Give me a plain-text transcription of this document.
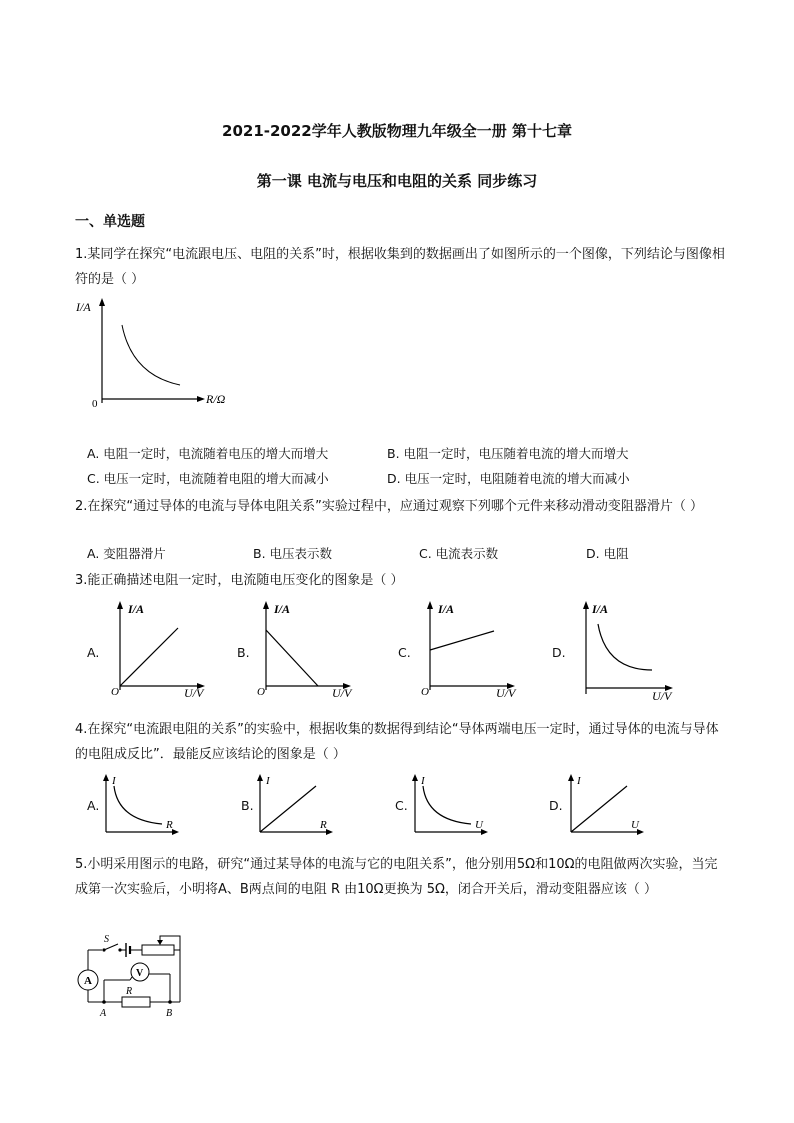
2021-2022学年人教版物理九年级全一册 第十七章
第一课 电流与电压和电阻的关系 同步练习
一、单选题
1.某同学在探究“电流跟电压、电阻的关系”时，根据收集到的数据画出了如图所示的一个图像，下列结论与图像相符的是（ ）
I/A
R/Ω
0
A. 电阻一定时，电流随着电压的增大而增大	B. 电阻一定时，电压随着电流的增大而增大
C. 电压一定时，电流随着电阻的增大而减小	D. 电压一定时，电阻随着电流的增大而减小
2.在探究“通过导体的电流与导体电阻关系”实验过程中，应通过观察下列哪个元件来移动滑动变阻器滑片（ ）
A. 变阻器滑片	B. 电压表示数	C. 电流表示数	D. 电阻
3.能正确描述电阻一定时，电流随电压变化的图象是（ ）
A.
I/A
U/V
O
B.
I/A
U/V
O
C.
I/A
U/V
O
D.
I/A
U/V
4.在探究“电流跟电阻的关系”的实验中，根据收集的数据得到结论“导体两端电压一定时，通过导体的电流与导体的电阻成反比”．最能反应该结论的图象是（ ）
A.
I
R
B.
I
R
C.
I
U
D.
I
U
5.小明采用图示的电路，研究“通过某导体的电流与它的电阻关系”，他分别用5Ω和10Ω的电阻做两次实验，当完成第一次实验后，小明将A、B两点间的电阻 R 由10Ω更换为 5Ω，闭合开关后，滑动变阻器应该（ ）
A
V
S
R
A	B
